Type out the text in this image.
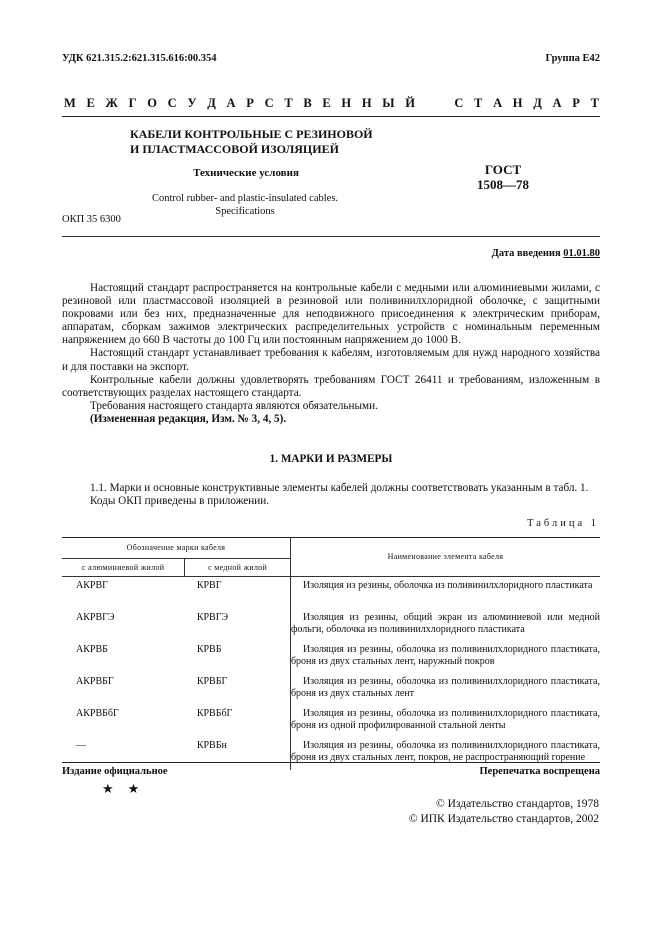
УДК 621.315.2:621.315.616:00.354	Группа Е42
М Е Ж Г О С У Д А Р С Т В Е Н Н Ы Й	С Т А Н Д А Р Т
КАБЕЛИ КОНТРОЛЬНЫЕ С РЕЗИНОВОЙ
И ПЛАСТМАССОВОЙ ИЗОЛЯЦИЕЙ
Технические условия	ГОСТ
1508—78
Control rubber- and plastic-insulated cables.
Specifications
ОКП 35 6300
Дата введения 01.01.80

Настоящий стандарт распространяется на контрольные кабели с медными или алюминиевыми жилами, с резиновой или пластмассовой изоляцией в резиновой или поливинилхлоридной оболочке, с защитными покровами или без них, предназначенные для неподвижного присоединения к электрическим приборам, аппаратам, сборкам зажимов электрических распределительных устройств с номинальным переменным напряжением до 660 В частоты до 100 Гц или постоянным напряжением до 1000 В.

Настоящий стандарт устанавливает требования к кабелям, изготовляемым для нужд народного хозяйства и для поставки на экспорт.

Контрольные кабели должны удовлетворять требованиям ГОСТ 26411 и требованиям, изложенным в соответствующих разделах настоящего стандарта.

Требования настоящего стандарта являются обязательными.

(Измененная редакция, Изм. № 3, 4, 5).

1. МАРКИ И РАЗМЕРЫ

1.1. Марки и основные конструктивные элементы кабелей должны соответствовать указанным в табл. 1.

Коды ОКП приведены в приложении.

Таблица 1
Обозначение марки кабеля		Наименование элемента кабеля
с алюминиевой жилой	с медной жилой	
АКРВГ	КРВГ	Изоляция из резины, оболочка из поливинилхлоридного пластиката
АКРВГЭ	КРВГЭ	Изоляция из резины, общий экран из алюминиевой или медной фольги, оболочка из поливинилхлоридного пластиката
АКРВБ	КРВБ	Изоляция из резины, оболочка из поливинилхлоридного пластиката, броня из двух стальных лент, наружный покров
АКРВБГ	КРВБГ	Изоляция из резины, оболочка из поливинилхлоридного пластиката, броня из двух стальных лент
АКРВБбГ	КРВБбГ	Изоляция из резины, оболочка из поливинилхлоридного пластиката, броня из одной профилированной стальной ленты
—	КРВБн	Изоляция из резины, оболочка из поливинилхлоридного пластиката, броня из двух стальных лент, покров, не распространяющий горение
Издание официальное	Перепечатка воспрещена
★★
© Издательство стандартов, 1978
© ИПК Издательство стандартов, 2002
